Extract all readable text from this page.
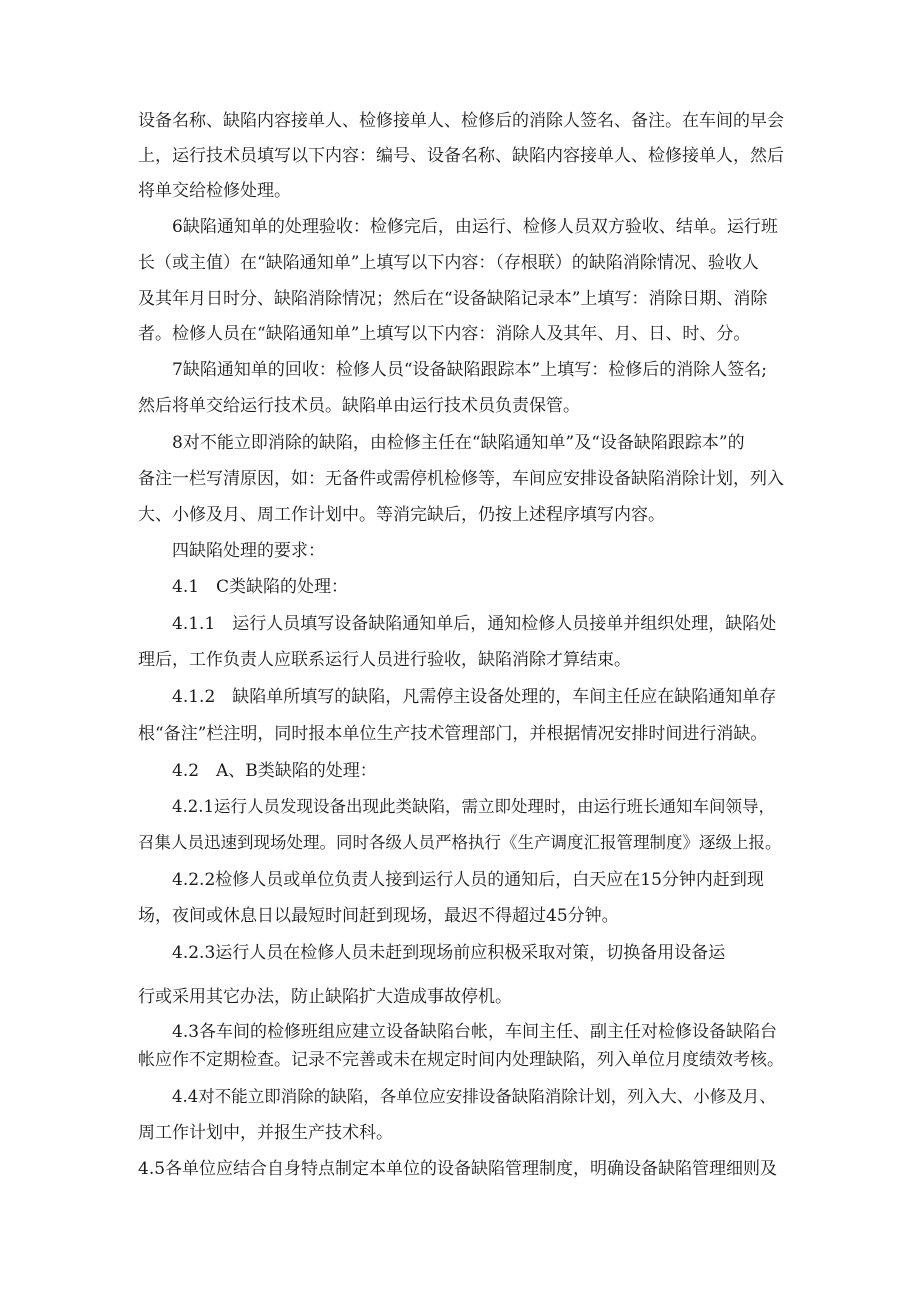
设备名称、缺陷内容接单人、检修接单人、检修后的消除人签名、备注。在车间的早会
上，运行技术员填写以下内容：编号、设备名称、缺陷内容接单人、检修接单人，然后
将单交给检修处理。
6缺陷通知单的处理验收：检修完后，由运行、检修人员双方验收、结单。运行班
长（或主值）在“缺陷通知单”上填写以下内容：（存根联）的缺陷消除情况、验收人
及其年月日时分、缺陷消除情况；然后在“设备缺陷记录本”上填写：消除日期、消除
者。检修人员在“缺陷通知单”上填写以下内容：消除人及其年、月、日、时、分。
7缺陷通知单的回收：检修人员“设备缺陷跟踪本”上填写：检修后的消除人签名;
然后将单交给运行技术员。缺陷单由运行技术员负责保管。
8对不能立即消除的缺陷，由检修主任在“缺陷通知单”及“设备缺陷跟踪本”的
备注一栏写清原因，如：无备件或需停机检修等，车间应安排设备缺陷消除计划，列入
大、小修及月、周工作计划中。等消完缺后，仍按上述程序填写内容。
四缺陷处理的要求：
4.1　C类缺陷的处理：
4.1.1　运行人员填写设备缺陷通知单后，通知检修人员接单并组织处理，缺陷处
理后，工作负责人应联系运行人员进行验收，缺陷消除才算结束。
4.1.2　缺陷单所填写的缺陷，凡需停主设备处理的，车间主任应在缺陷通知单存
根“备注”栏注明，同时报本单位生产技术管理部门，并根据情况安排时间进行消缺。
4.2　A、B类缺陷的处理：
4.2.1运行人员发现设备出现此类缺陷，需立即处理时，由运行班长通知车间领导，
召集人员迅速到现场处理。同时各级人员严格执行《生产调度汇报管理制度》逐级上报。
4.2.2检修人员或单位负责人接到运行人员的通知后，白天应在15分钟内赶到现
场，夜间或休息日以最短时间赶到现场，最迟不得超过45分钟。
4.2.3运行人员在检修人员未赶到现场前应积极采取对策，切换备用设备运
行或采用其它办法，防止缺陷扩大造成事故停机。
4.3各车间的检修班组应建立设备缺陷台帐，车间主任、副主任对检修设备缺陷台
帐应作不定期检查。记录不完善或未在规定时间内处理缺陷，列入单位月度绩效考核。
4.4对不能立即消除的缺陷，各单位应安排设备缺陷消除计划，列入大、小修及月、
周工作计划中，并报生产技术科。
4.5各单位应结合自身特点制定本单位的设备缺陷管理制度，明确设备缺陷管理细则及
